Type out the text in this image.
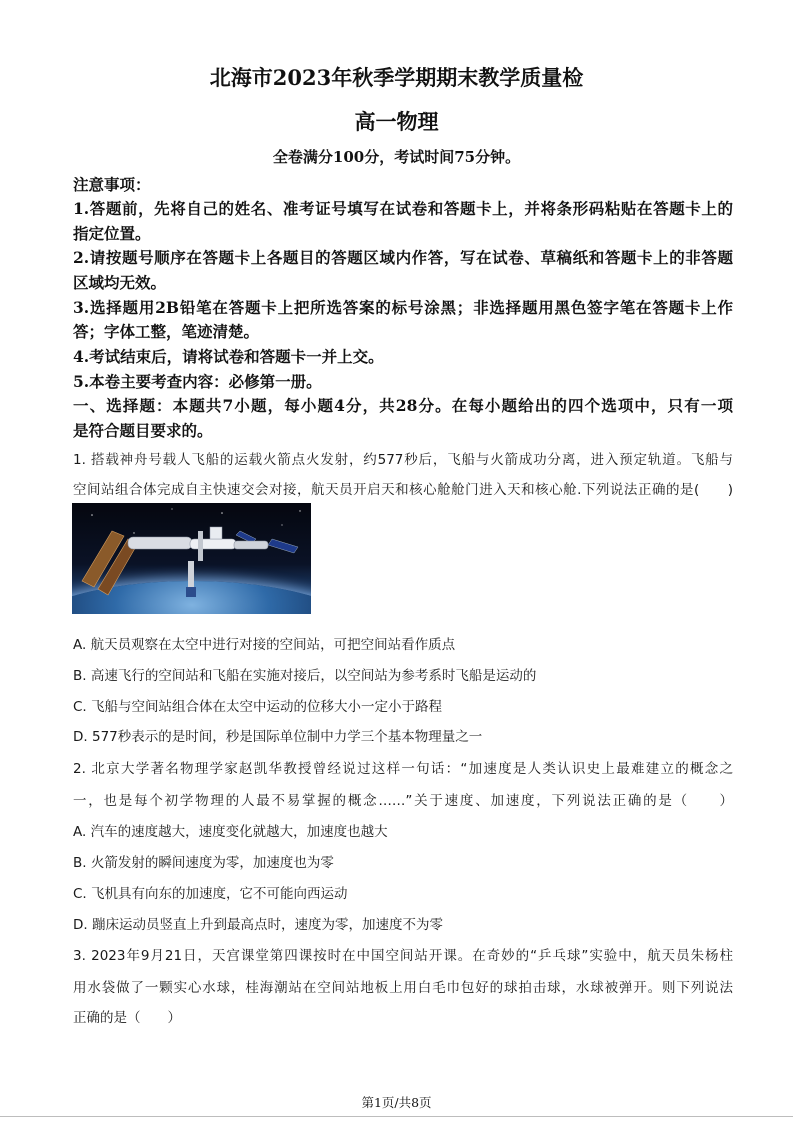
北海市2023年秋季学期期末教学质量检
高一物理
全卷满分100分，考试时间75分钟。
注意事项：
1.答题前，先将自己的姓名、准考证号填写在试卷和答题卡上，并将条形码粘贴在答题卡上的
指定位置。
2.请按题号顺序在答题卡上各题目的答题区域内作答，写在试卷、草稿纸和答题卡上的非答题
区域均无效。
3.选择题用2B铅笔在答题卡上把所选答案的标号涂黑；非选择题用黑色签字笔在答题卡上作
答；字体工整，笔迹清楚。
4.考试结束后，请将试卷和答题卡一并上交。
5.本卷主要考查内容：必修第一册。
一、选择题：本题共7小题，每小题4分，共28分。在每小题给出的四个选项中，只有一项
是符合题目要求的。
1. 搭载神舟号载人飞船的运载火箭点火发射，约577秒后，飞船与火箭成功分离，进入预定轨道。飞船与
空间站组合体完成自主快速交会对接，航天员开启天和核心舱舱门进入天和核心舱.下列说法正确的是(　　)
A. 航天员观察在太空中进行对接的空间站，可把空间站看作质点
B. 高速飞行的空间站和飞船在实施对接后，以空间站为参考系时飞船是运动的
C. 飞船与空间站组合体在太空中运动的位移大小一定小于路程
D. 577秒表示的是时间，秒是国际单位制中力学三个基本物理量之一
2. 北京大学著名物理学家赵凯华教授曾经说过这样一句话：“加速度是人类认识史上最难建立的概念之
一，也是每个初学物理的人最不易掌握的概念……”关于速度、加速度，下列说法正确的是（　　）
A. 汽车的速度越大，速度变化就越大，加速度也越大
B. 火箭发射的瞬间速度为零，加速度也为零
C. 飞机具有向东的加速度，它不可能向西运动
D. 蹦床运动员竖直上升到最高点时，速度为零，加速度不为零
3. 2023年9月21日，天宫课堂第四课按时在中国空间站开课。在奇妙的“乒乓球”实验中，航天员朱杨柱
用水袋做了一颗实心水球，桂海潮站在空间站地板上用白毛巾包好的球拍击球，水球被弹开。则下列说法
正确的是（　　）
第1页/共8页
